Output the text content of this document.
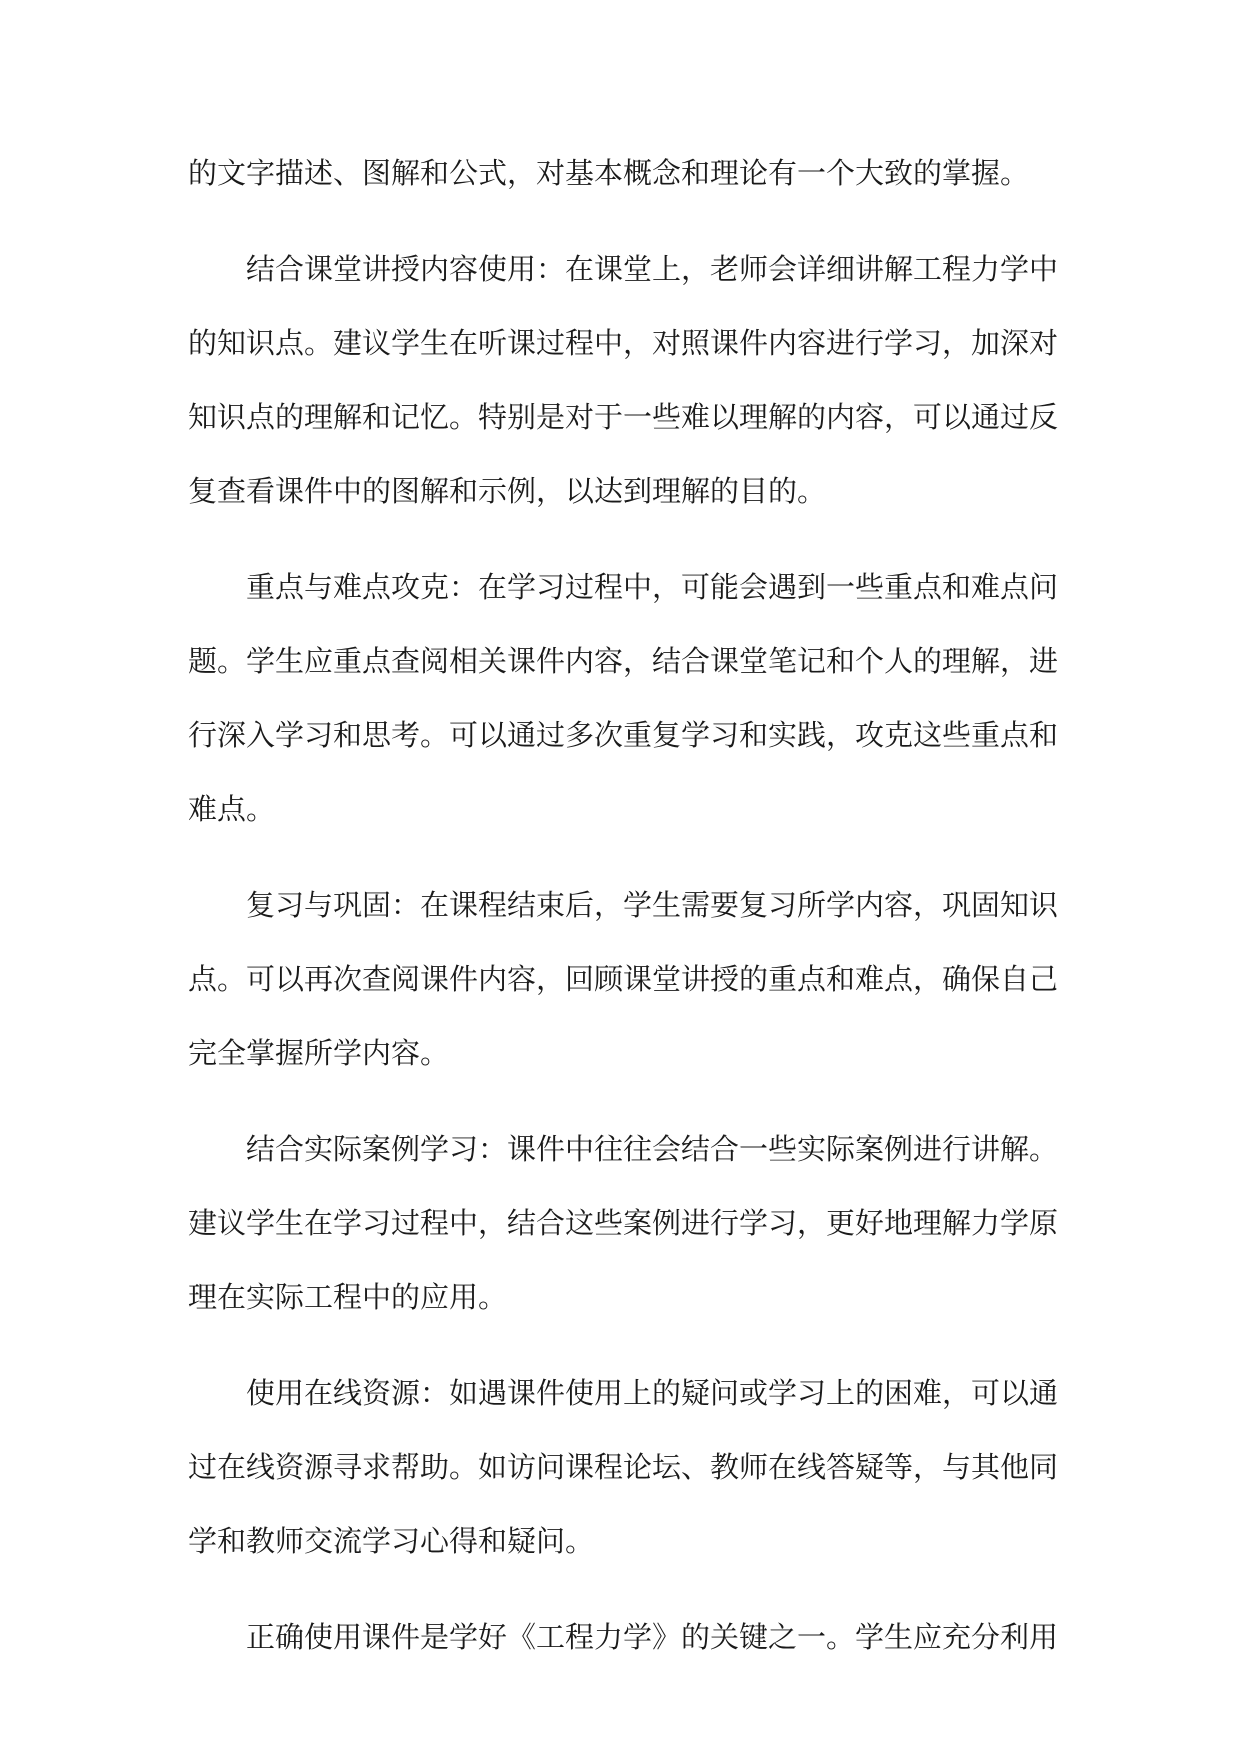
的文字描述、图解和公式，对基本概念和理论有一个大致的掌握。
结合课堂讲授内容使用：在课堂上，老师会详细讲解工程力学中
的知识点。建议学生在听课过程中，对照课件内容进行学习，加深对
知识点的理解和记忆。特别是对于一些难以理解的内容，可以通过反
复查看课件中的图解和示例，以达到理解的目的。
重点与难点攻克：在学习过程中，可能会遇到一些重点和难点问
题。学生应重点查阅相关课件内容，结合课堂笔记和个人的理解，进
行深入学习和思考。可以通过多次重复学习和实践，攻克这些重点和
难点。
复习与巩固：在课程结束后，学生需要复习所学内容，巩固知识
点。可以再次查阅课件内容，回顾课堂讲授的重点和难点，确保自己
完全掌握所学内容。
结合实际案例学习：课件中往往会结合一些实际案例进行讲解。
建议学生在学习过程中，结合这些案例进行学习，更好地理解力学原
理在实际工程中的应用。
使用在线资源：如遇课件使用上的疑问或学习上的困难，可以通
过在线资源寻求帮助。如访问课程论坛、教师在线答疑等，与其他同
学和教师交流学习心得和疑问。
正确使用课件是学好《工程力学》的关键之一。学生应充分利用
